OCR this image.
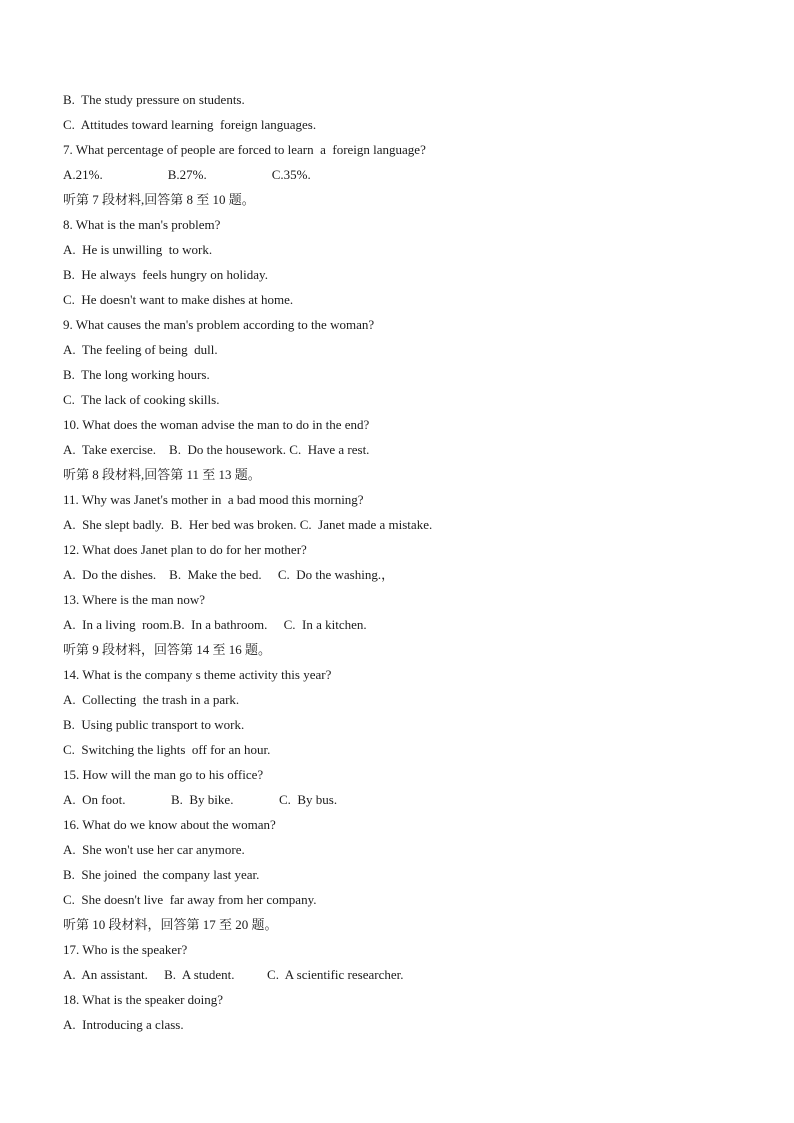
B.  The study pressure on students.
C.  Attitudes toward learning  foreign languages.
7. What percentage of people are forced to learn  a  foreign language?
A.21%.                    B.27%.                    C.35%.
听第 7 段材料,回答第 8 至 10 题。
8. What is the man's problem?
A.  He is unwilling  to work.
B.  He always  feels hungry on holiday.
C.  He doesn't want to make dishes at home.
9. What causes the man's problem according to the woman?
A.  The feeling of being  dull.
B.  The long working hours.
C.  The lack of cooking skills.
10. What does the woman advise the man to do in the end?
A.  Take exercise.    B.  Do the housework. C.  Have a rest.
听第 8 段材料,回答第 11 至 13 题。
11. Why was Janet's mother in  a bad mood this morning?
A.  She slept badly.  B.  Her bed was broken. C.  Janet made a mistake.
12. What does Janet plan to do for her mother?
A.  Do the dishes.    B.  Make the bed.     C.  Do the washing.，
13. Where is the man now?
A.  In a living  room.B.  In a bathroom.     C.  In a kitchen.
听第 9 段材料，回答第 14 至 16 题。
14. What is the company s theme activity this year?
A.  Collecting  the trash in a park.
B.  Using public transport to work.
C.  Switching the lights  off for an hour.
15. How will the man go to his office?
A.  On foot.              B.  By bike.              C.  By bus.
16. What do we know about the woman?
A.  She won't use her car anymore.
B.  She joined  the company last year.
C.  She doesn't live  far away from her company.
听第 10 段材料，回答第 17 至 20 题。
17. Who is the speaker?
A.  An assistant.     B.  A student.          C.  A scientific researcher.
18. What is the speaker doing?
A.  Introducing a class.
